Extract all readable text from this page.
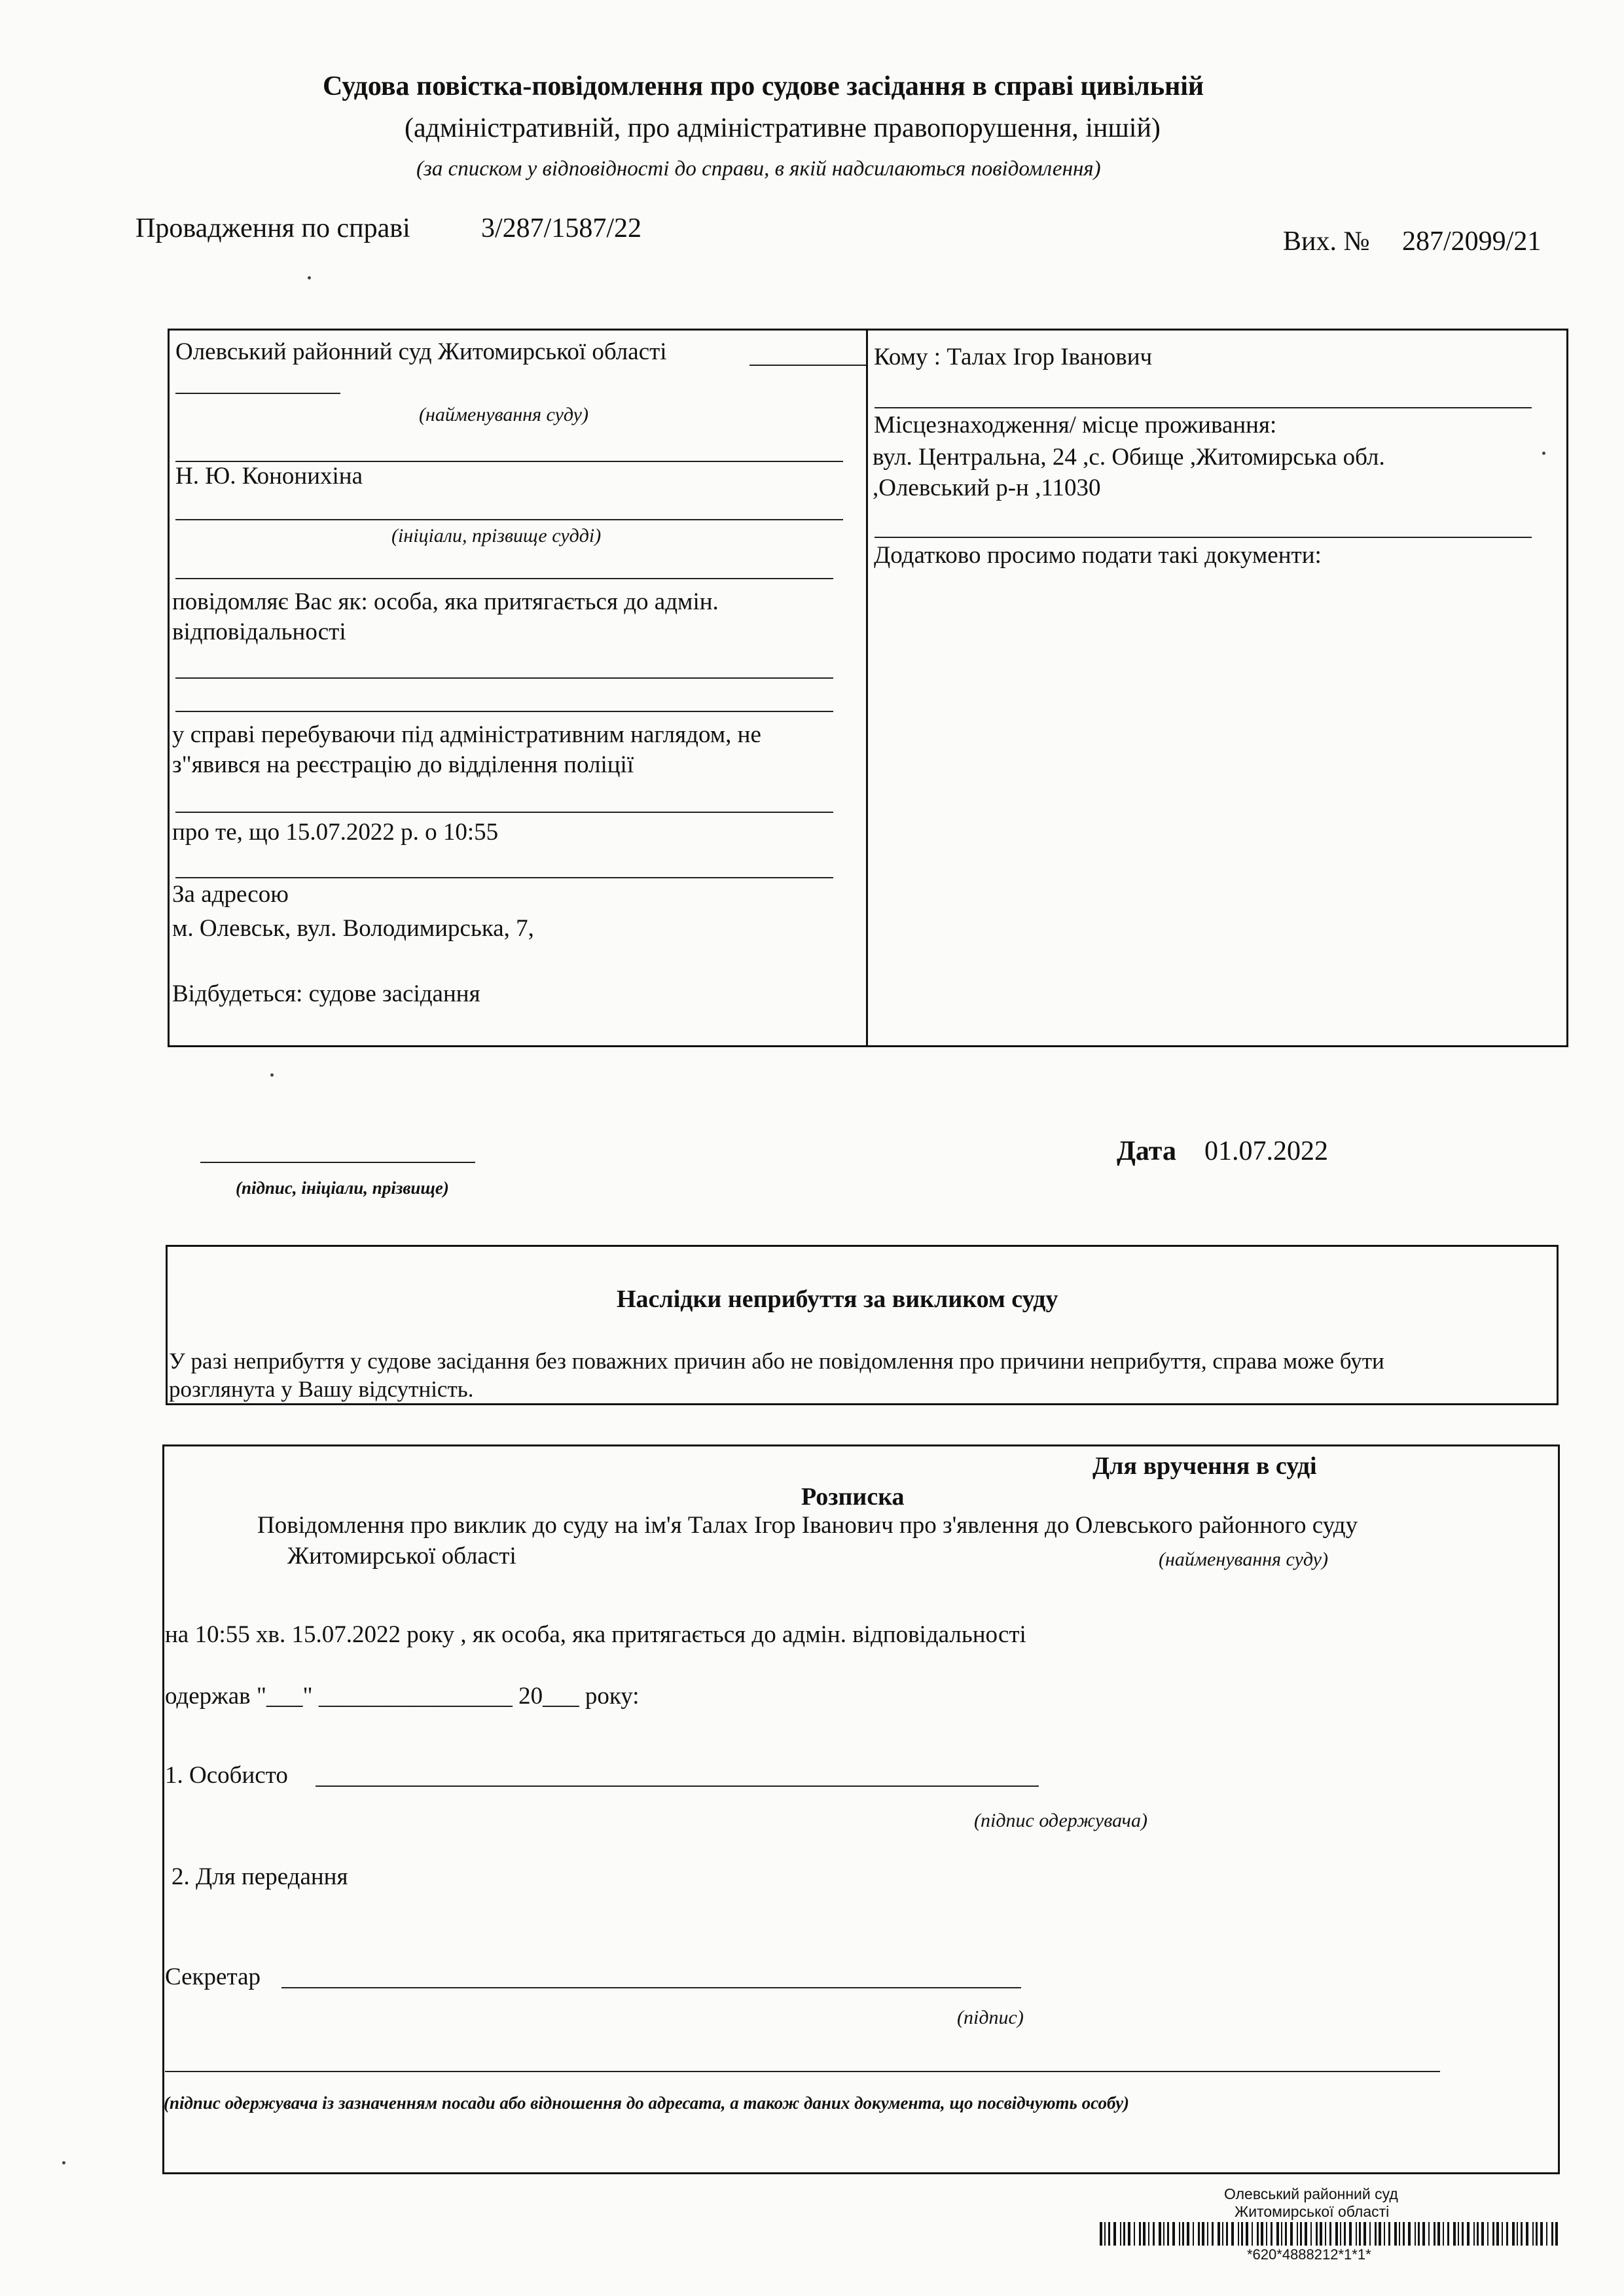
Судова повістка-повідомлення про судове засідання в справі цивільній
(адміністративній, про адміністративне правопорушення, іншій)
(за списком у відповідності до справи, в якій надсилаються повідомлення)
Провадження по справі	3/287/1587/22	Вих. № 287/2099/21
Олевський районний суд Житомирської області
(найменування суду)
Н. Ю. Кононихіна
(ініціали, прізвище судді)
повідомляє Вас як: особа, яка притягається до адмін.
відповідальності
у справі перебуваючи під адміністративним наглядом, не
з"явився на реєстрацію до відділення поліції
про те, що 15.07.2022 р. о 10:55
За адресою
м. Олевськ, вул. Володимирська, 7,
Відбудеться: судове засідання
Кому : Талах Ігор Іванович
Місцезнаходження/ місце проживання:
вул. Центральна, 24 ,с. Обище ,Житомирська обл.
,Олевський р-н ,11030
Додатково просимо подати такі документи:
(підпис, ініціали, прізвище)
Дата 01.07.2022
Наслідки неприбуття за викликом суду
У разі неприбуття у судове засідання без поважних причин або не повідомлення про причини неприбуття, справа може бути
розглянута у Вашу відсутність.
Для вручення в суді
Розписка
Повідомлення про виклик до суду на ім'я Талах Ігор Іванович про з'явлення до Олевського районного суду
Житомирської області	(найменування суду)
на 10:55 хв. 15.07.2022 року , як особа, яка притягається до адмін. відповідальності
одержав "___" ________________ 20___ року:
1. Особисто
(підпис одержувача)
2. Для передання
Секретар
(підпис)
(підпис одержувача із зазначенням посади або відношення до адресата, а також даних документа, що посвідчують особу)
Олевський районний суд
Житомирської області
*620*4888212*1*1*
